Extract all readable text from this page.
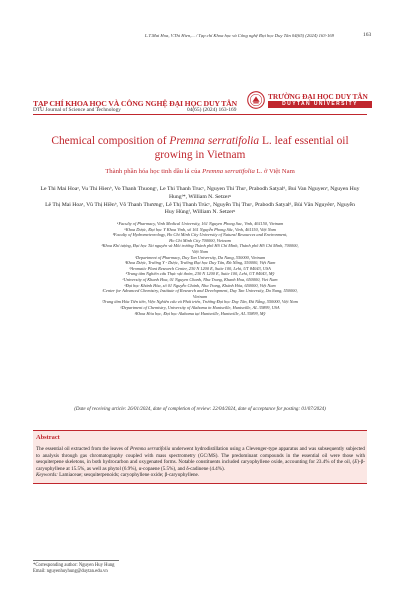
L.T.Mai Hoa, V.Thi Hien,... / Tạp chí Khoa học và Công nghệ Đại học Duy Tân 04(65) (2024) 163-169	163
TẠP CHÍ KHOA HỌC VÀ CÔNG NGHỆ ĐẠI HỌC DUY TÂN
DTU Journal of Science and Technology	04(65) (2024) 163-169
TRƯỜNG ĐẠI HỌC DUY TÂN
DUYTAN UNIVERSITY
Chemical composition of Premna serratifolia L. leaf essential oil growing in Vietnam
Thành phần hóa học tinh dầu lá của Premna serratifolia L. ở Việt Nam
Le Thi Mai Hoaᵃ, Vu Thi Hienᵇ, Vo Thanh Thuongᶜ, Le Thi Thanh Trucᶜ, Nguyen Thi Thuᶜ, Prabodh Satyalᵈ, Bui Van Nguyenᵉ, Nguyen Huy Hungᶠ*, William N. Setzerᵍ
Lê Thị Mai Hoaᵃ, Vũ Thị Hiềnᵇ, Võ Thanh Thươngᶜ, Lê Thị Thanh Trúcᶜ, Nguyễn Thị Thuᶜ, Prabodh Satyalᵈ, Bùi Văn Nguyênᵉ, Nguyễn Huy Hùngᶠ, William N. Setzerᵍ
ᵃFaculty of Pharmacy, Vinh Medical University, 161 Nguyen Phong Sac, Vinh, 461150, Vietnam
ᵃKhoa Dược, Đại học Y Khoa Vinh, số 161 Nguyễn Phong Sắc, Vinh, 461150, Việt Nam
ᵇFaculty of Hydrometeorology, Ho Chi Minh City University of Natural Resources and Environment,
Ho Chi Minh City 700000, Vietnam
ᵇKhoa Khí tượng, Đại học Tài nguyên và Môi trường Thành phố Hồ Chí Minh, Thành phố Hồ Chí Minh, 700000,
Việt Nam
ᶜDepartment of Pharmacy, Duy Tan University, Da Nang, 550000, Vietnam
ᶜKhoa Dược, Trường Y - Dược, Trường Đại học Duy Tân, Đà Nẵng, 550000, Việt Nam
ᵈAromatic Plant Research Center, 230 N 1200 E, Suite 100, Lehi, UT 84043, USA
ᵈTrung tâm Nghiên cứu Thực vật thơm, 230 N 1200 E, Suite 100, Lehi, UT 84043, Mỹ
ᵉUniversity of Khanh Hoa, 01 Nguyen Chanh, Nha Trang, Khanh Hoa, 650000, Viet Nam
ᵉĐại học Khánh Hòa, số 01 Nguyễn Chánh, Nha Trang, Khánh Hòa, 650000, Việt Nam
ᶠCenter for Advanced Chemistry, Institute of Research and Development, Duy Tan University, Da Nang, 550000,
Vietnam
ᶠTrung tâm Hóa Tiên tiến, Viện Nghiên cứu và Phát triển, Trường Đại học Duy Tân, Đà Nẵng, 550000, Việt Nam
ᵍDepartment of Chemistry, University of Alabama in Huntsville, Huntsville, AL 35899, USA
ᵍKhoa Hóa học, Đại học Alabama tại Huntsville, Huntsville, AL 35899, Mỹ
(Date of receiving article: 26/01/2024, date of completion of review: 22/04/2024, date of acceptance for posting: 01/07/2024)
Abstract
The essential oil extracted from the leaves of Premna serratifolia underwent hydrodistillation using a Clevenger-type apparatus and was subsequently subjected to analysis through gas chromatography coupled with mass spectrometry (GC/MS). The predominant compounds in the essential oil were those with sesquiterpene skeletons, in both hydrocarbon and oxygenated forms. Notable constituents included caryophyllene oxide, accounting for 23.4% of the oil, (E)-β-caryophyllene at 15.5%, as well as phytol (6.9%), α-copaene (5.5%), and δ-cadinene (4.4%).
Keywords: Lamiaceae; sesquiterpenoids; caryophyllene oxide; β-caryophyllene.
*Corresponding author: Nguyen Huy Hung
Email: nguyenhuyhung@duytan.edu.vn
